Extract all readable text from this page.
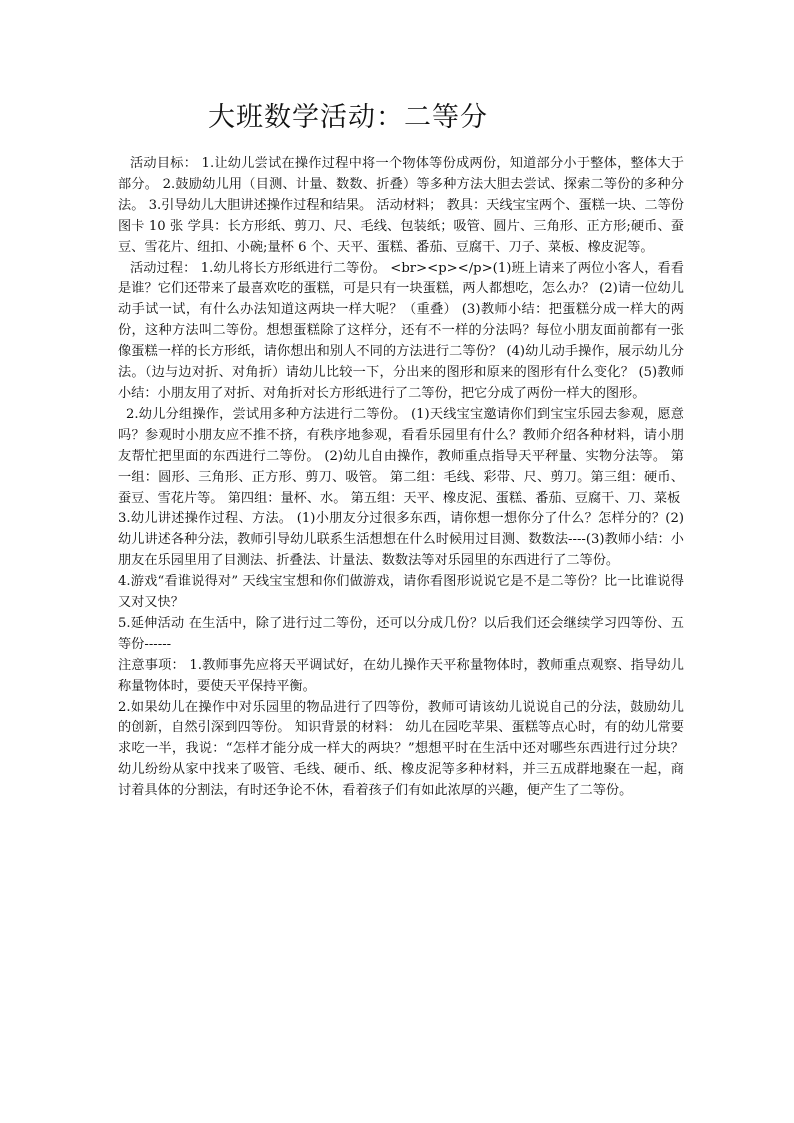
大班数学活动：二等分

活动目标： 1.让幼儿尝试在操作过程中将一个物体等份成两份，知道部分小于整体，整体大于部分。 2.鼓励幼儿用（目测、计量、数数、折叠）等多种方法大胆去尝试、探索二等份的多种分法。 3.引导幼儿大胆讲述操作过程和结果。 活动材料； 教具：天线宝宝两个、蛋糕一块、二等份图卡 10 张 学具：长方形纸、剪刀、尺、毛线、包装纸；吸管、圆片、三角形、正方形;硬币、蚕豆、雪花片、纽扣、小碗;量杯 6 个、天平、蛋糕、番茄、豆腐干、刀子、菜板、橡皮泥等。

活动过程： 1.幼儿将长方形纸进行二等份。 <br><p></p>(1)班上请来了两位小客人，看看是谁？它们还带来了最喜欢吃的蛋糕，可是只有一块蛋糕，两人都想吃，怎么办？ (2)请一位幼儿动手试一试，有什么办法知道这两块一样大呢？（重叠） (3)教师小结：把蛋糕分成一样大的两份，这种方法叫二等份。想想蛋糕除了这样分，还有不一样的分法吗？每位小朋友面前都有一张像蛋糕一样的长方形纸，请你想出和别人不同的方法进行二等份？ (4)幼儿动手操作，展示幼儿分法。（边与边对折、对角折）请幼儿比较一下，分出来的图形和原来的图形有什么变化？ (5)教师小结：小朋友用了对折、对角折对长方形纸进行了二等份，把它分成了两份一样大的图形。

2.幼儿分组操作，尝试用多种方法进行二等份。 (1)天线宝宝邀请你们到宝宝乐园去参观，愿意吗？参观时小朋友应不推不挤，有秩序地参观，看看乐园里有什么？教师介绍各种材料，请小朋友帮忙把里面的东西进行二等份。 (2)幼儿自由操作，教师重点指导天平秤量、实物分法等。 第一组：圆形、三角形、正方形、剪刀、吸管。 第二组：毛线、彩带、尺、剪刀。第三组：硬币、蚕豆、雪花片等。 第四组：量杯、水。 第五组：天平、橡皮泥、蛋糕、番茄、豆腐干、刀、菜板

3.幼儿讲述操作过程、方法。 (1)小朋友分过很多东西，请你想一想你分了什么？怎样分的？(2)幼儿讲述各种分法，教师引导幼儿联系生活想想在什么时候用过目测、数数法----(3)教师小结：小朋友在乐园里用了目测法、折叠法、计量法、数数法等对乐园里的东西进行了二等份。

4.游戏“看谁说得对” 天线宝宝想和你们做游戏，请你看图形说说它是不是二等份？比一比谁说得又对又快？

5.延伸活动 在生活中，除了进行过二等份，还可以分成几份？以后我们还会继续学习四等份、五等份------

注意事项： 1.教师事先应将天平调试好，在幼儿操作天平称量物体时，教师重点观察、指导幼儿称量物体时，要使天平保持平衡。

2.如果幼儿在操作中对乐园里的物品进行了四等份，教师可请该幼儿说说自己的分法，鼓励幼儿的创新，自然引深到四等份。 知识背景的材料： 幼儿在园吃苹果、蛋糕等点心时，有的幼儿常要求吃一半，我说：“怎样才能分成一样大的两块？”想想平时在生活中还对哪些东西进行过分块？幼儿纷纷从家中找来了吸管、毛线、硬币、纸、橡皮泥等多种材料，并三五成群地聚在一起，商讨着具体的分割法，有时还争论不休，看着孩子们有如此浓厚的兴趣，便产生了二等份。
